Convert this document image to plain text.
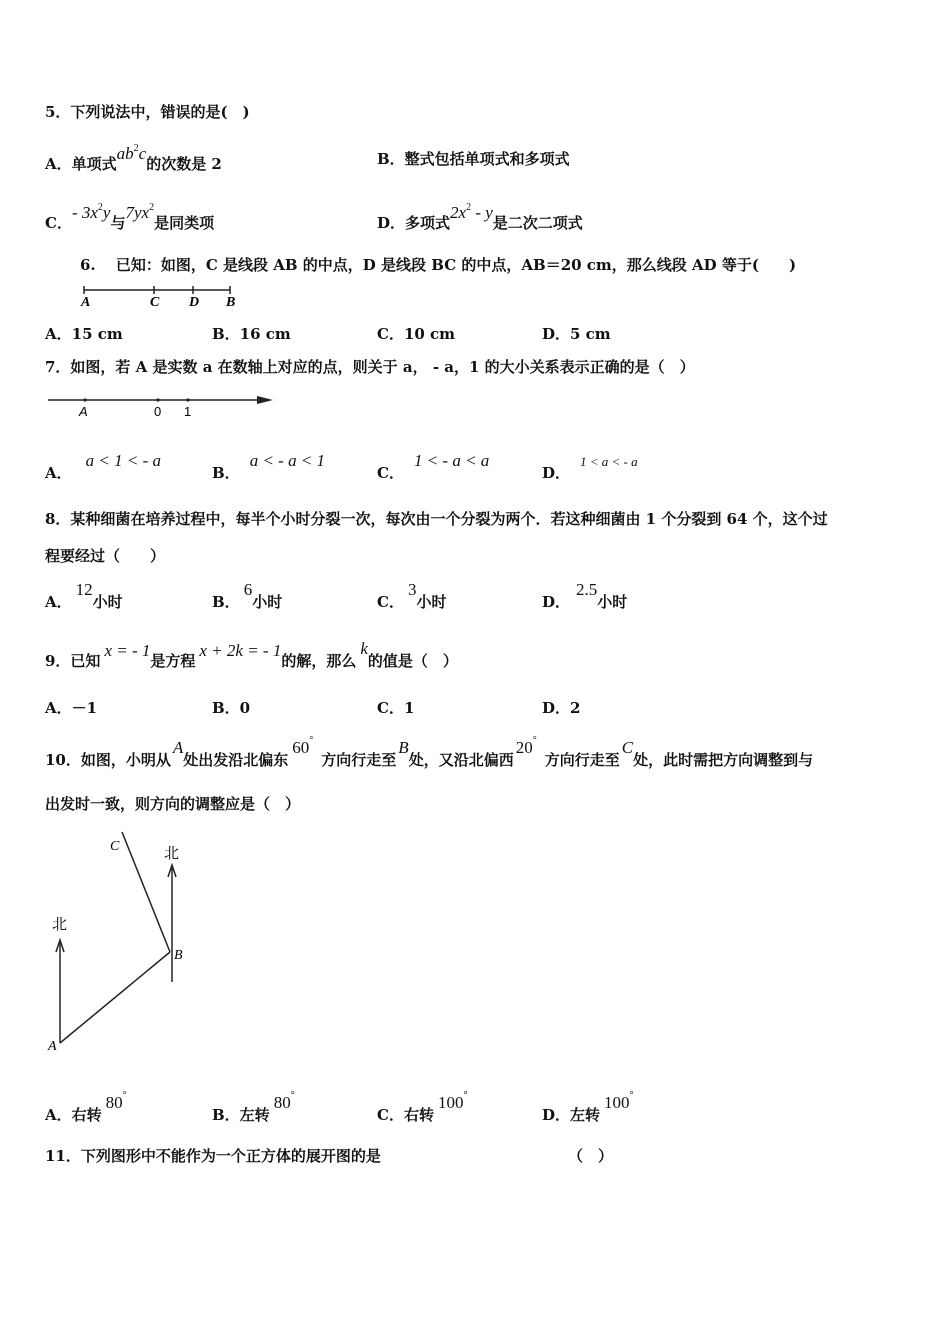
5．下列说法中，错误的是(　)
A．单项式$ab^2c$的次数是 2	B．整式包括单项式和多项式
C．- $3x^2y$与$7yx^2$是同类项	D．多项式$2x^2$ - y是二次二项式
6.　 已知：如图，C 是线段 AB 的中点，D 是线段 BC 的中点，AB＝20 cm，那么线段 AD 等于(　　)
A	C D B
A．15 cm	B．16 cm	C．10 cm	D．5 cm
7．如图，若 A 是实数 a 在数轴上对应的点，则关于 a， - a，1 的大小关系表示正确的是（　）
A	0 1
A．a < 1 < - a
B．a < - a < 1
C．1 < - a < a
D．1 < a < - a
8．某种细菌在培养过程中，每半个小时分裂一次，每次由一个分裂为两个．若这种细菌由 1 个分裂到 64 个，这个过
程要经过（　　）
A．12小时	B．6小时	C．3小时	D．2.5小时
9．已知x = - 1是方程x + 2k = - 1的解，那么k的值是（　）
A．－1	B．0	C．1	D．2
10．如图，小明从A处出发沿北偏东60°方向行走至B处，又沿北偏西20°方向行走至C处，此时需把方向调整到与
出发时一致，则方向的调整应是（　）
北
北
A
B
C
A．右转80°
B．左转80°
C．右转100°
D．左转100°
11．下列图形中不能作为一个正方体的展开图的是	（　）
